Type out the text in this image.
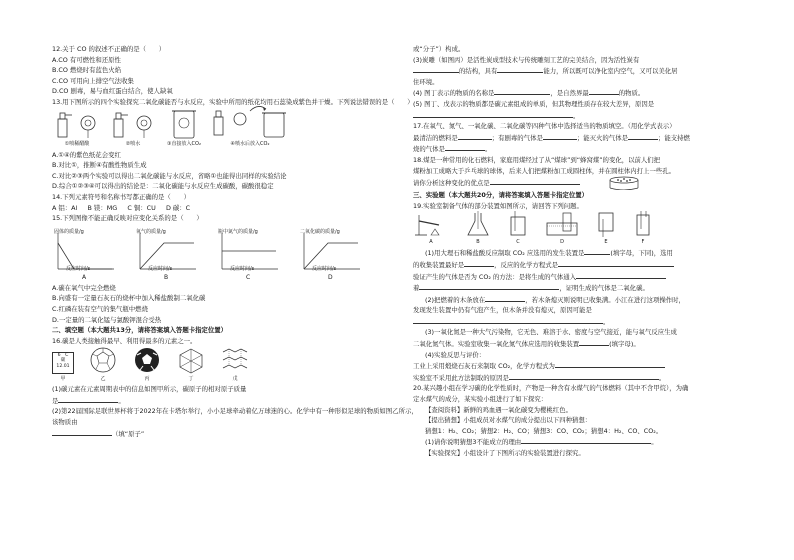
12.关于 CO 的叙述不正确的是（　　）
A.CO 有可燃性和还原性
B.CO 燃烧时有蓝色火焰
C.CO 可用向上排空气法收集
D.CO 剧毒，易与血红蛋白结合，使人缺氧
13.用下图所示的四个实验探究二氧化碳能否与水反应，实验中所用的纸花均用石蕊染成紫色并干燥。下列说法错误的是（　　）
①喷稀醋酸	②喷水	③直接放入CO₂	④喷水后放入CO₂
A.①④的紫色纸花会变红
B.对比①，推断④有酸性物质生成
C.对比②③两个实验可以得出二氧化碳能与水反应，省略①也能得出同样的实验结论
D.综合①②③④可以得出的结论是：二氧化碳能与水反应生成碳酸，碳酸很稳定
14.下列元素符号和名称书写都正确的是（　　）
A 铝：Al B 镁：MG C 铜：CU D 碳：C
15.下列图像不能正确反映对应变化关系的是（　　）
固体的质量/g
反应时间/s
A
氧气的质量/g
反应时间/s
B
瓶中氮气的质量/g
反应时间/s
C
二氧化碳的质量/g
反应时间/s
D
A.碳在氧气中完全燃烧
B.向盛有一定量石灰石的烧杯中加入稀盐酸制二氧化碳
C.红磷在装有空气的集气瓶中燃烧
D.一定量的二氧化锰与氯酸钾混合受热
二、填空题（本大题共13分，请将答案填入答题卡指定位置）
16.碳是人类接触得最早、利用得最多的元素之一。
6　C
碳
12.01
甲	乙	丙	丁	戊
(1)碳元素在元素周期表中的信息如图甲所示，碳原子的相对原子质量
是	。
(2)第22届国际足联世界杯将于2022年在卡塔尔举行，小小足球牵动着亿万球迷的心。化学中有一种形似足球的物质如图乙所示，该物质由
（填“原子”
或“分子”）构成。
(3)炭雕（如图丙）是活性炭成型技术与传统雕刻工艺的完美结合，因为活性炭有
的结构，具有	能力，所以既可以净化室内空气，又可以美化居
住环境。
(4) 图丁表示的物质的名称是	，是自然界最	的物质。
(5) 图丁、戊表示的物质都是碳元素组成的单质，但其物理性质存在较大差异，原因是
。
17.在氧气、氮气、一氧化碳、二氧化碳等四种气体中选择适当的物质填空。（用化学式表示）
最清洁的燃料是	；有剧毒的气体是	；能灭火的气体是	；能支持燃
烧的气体是	。
18.煤是一种常用的化石燃料，家庭用煤经过了从“煤球”到“蜂窝煤”的变化，以前人们把
煤粉加工成略大于乒乓球的球体，后来人们把煤粉加工成圆柱体，并在圆柱体内打上一些孔。
请你分析这种变化的优点是
三、实验题（本大题共20分，请将答案填入答题卡指定位置）
19.实验室制备气体的部分装置如图所示，请回答下列问题。
A	B	C	D	E	F
(1)用大理石和稀盐酸反应制取 CO₂ 应选用的发生装置是	(填字母，下同)，选用
的收集装置最好是	，反应的化学方程式是
验证产生的气体是否为 CO₂ 的方法：是将生成的气体通入
着	，证明生成的气体是二氧化碳。
(2)把燃着的木条放在	，若木条熄灭则说明已收集满。小江在进行这项操作时，
发现发生装置中仍有气泡产生，但木条并没有熄灭，原因可能是
。
(3)一氧化氮是一种大气污染物，它无色、难溶于水、密度与空气接近，能与氧气反应生成
二氧化氮气体。实验室收集一氧化氮气体应选用的收集装置	(填字母)。
(4)实验反思与评价：
工业上采用煅烧石灰石来制取 CO₂，化学方程式为
实验室不采用此方法制取的原因是	。
20.某兴趣小组在学习碳的化学性质时，产物是一种含有水煤气的气体燃料（其中不含甲烷），为确
定水煤气的成分，某实验小组进行了如下探究：
【查阅资料】新鲜的鸡血遇一氧化碳变为樱桃红色。
【提出猜想】小组成员对水煤气的成分提出以下四种猜想：
猜想1：H₂、CO₂；猜想2：H₂、CO；猜想3：CO、CO₂；猜想4：H₂、CO、CO₂。
(1)请你说明猜想3不能成立的理由	。
【实验探究】小组设计了下图所示的实验装置进行探究。
